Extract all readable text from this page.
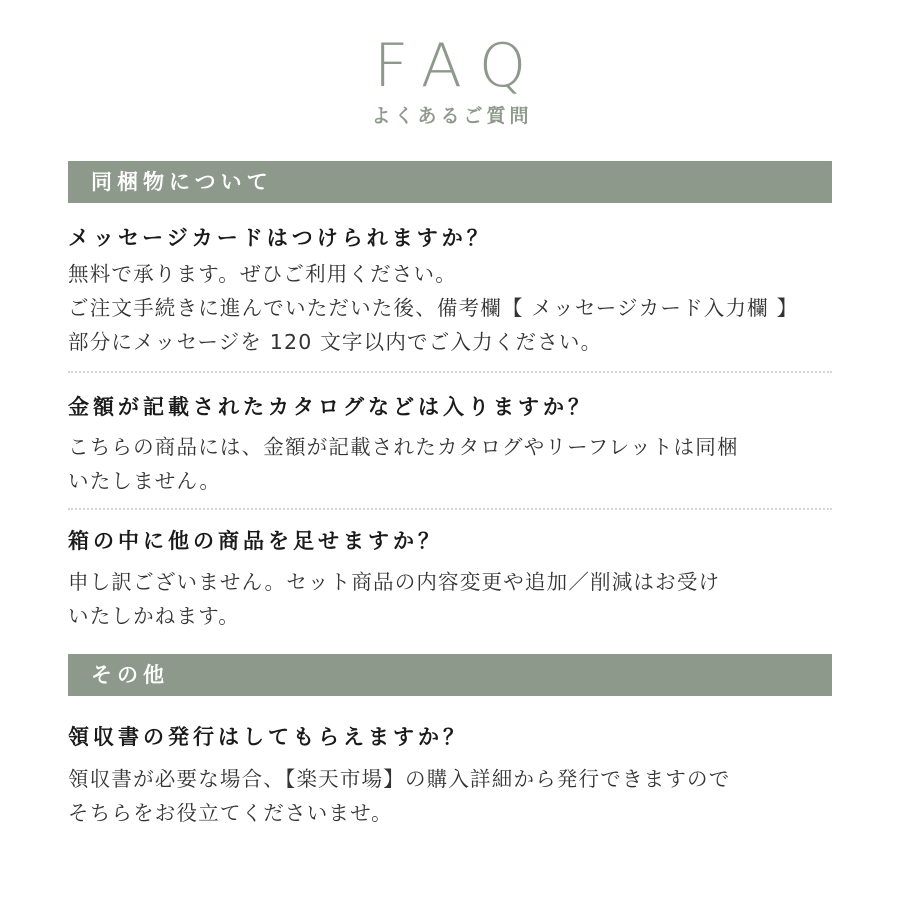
FAQ
よくあるご質問
同梱物について
メッセージカードはつけられますか？
無料で承ります。ぜひご利用ください。
ご注文手続きに進んでいただいた後、備考欄【 メッセージカード入力欄 】
部分にメッセージを 120 文字以内でご入力ください。
金額が記載されたカタログなどは入りますか？
こちらの商品には、金額が記載されたカタログやリーフレットは同梱
いたしません。
箱の中に他の商品を足せますか？
申し訳ございません。セット商品の内容変更や追加／削減はお受け
いたしかねます。
その他
領収書の発行はしてもらえますか？
領収書が必要な場合、【楽天市場】の購入詳細から発行できますので
そちらをお役立てくださいませ。
